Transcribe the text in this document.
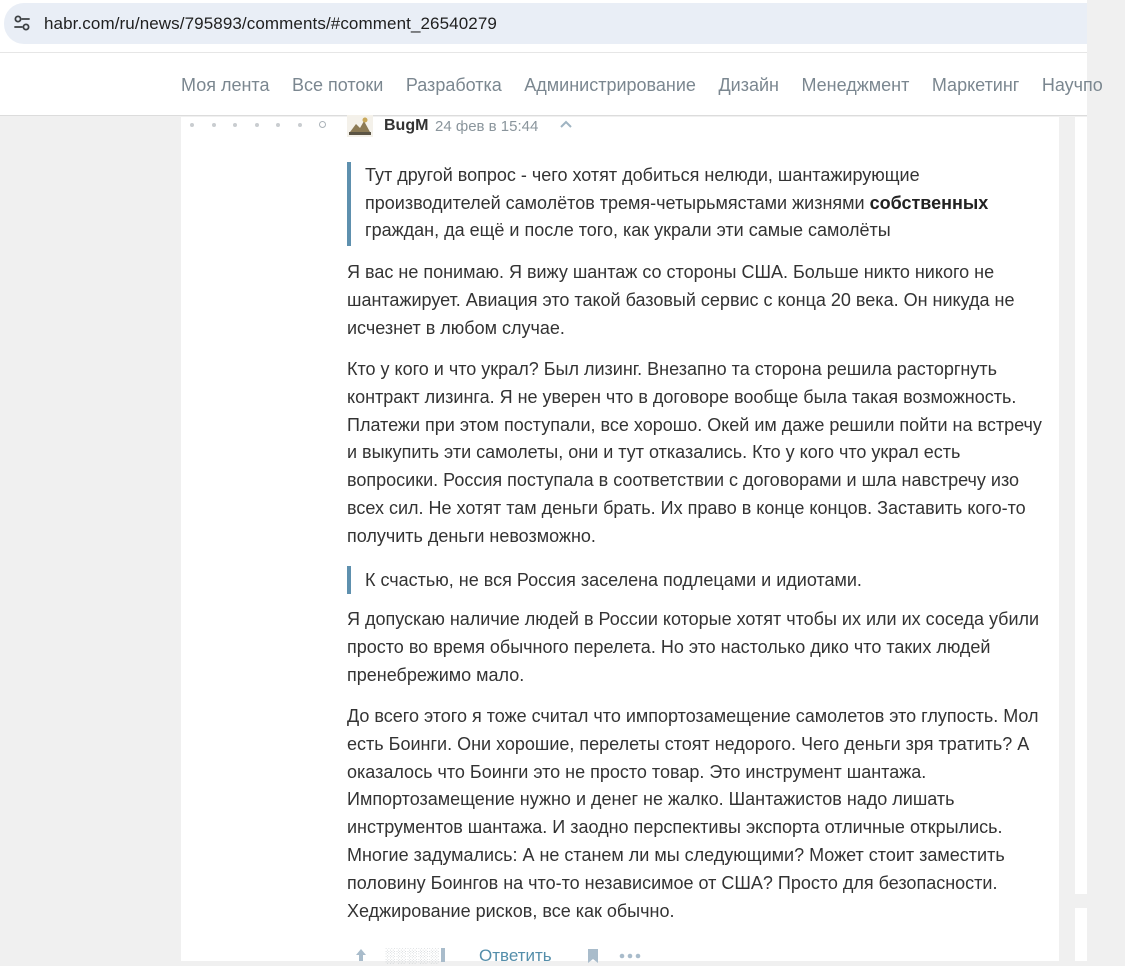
habr.com/ru/news/795893/comments/#comment_26540279
Моя лента Все потоки Разработка Администрирование Дизайн Менеджмент Маркетинг Научпо
BugM 24 фев в 15:44
Тут другой вопрос - чего хотят добиться нелюди, шантажирующие производителей самолётов тремя-четырьмястами жизнями собственных граждан, да ещё и после того, как украли эти самые самолёты

Я вас не понимаю. Я вижу шантаж со стороны США. Больше никто никого не шантажирует. Авиация это такой базовый сервис с конца 20 века. Он никуда не исчезнет в любом случае.

Кто у кого и что украл? Был лизинг. Внезапно та сторона решила расторгнуть контракт лизинга. Я не уверен что в договоре вообще была такая возможность. Платежи при этом поступали, все хорошо. Окей им даже решили пойти на встречу и выкупить эти самолеты, они и тут отказались. Кто у кого что украл есть вопросики. Россия поступала в соответствии с договорами и шла навстречу изо всех сил. Не хотят там деньги брать. Их право в конце концов. Заставить кого-то получить деньги невозможно.

К счастью, не вся Россия заселена подлецами и идиотами.

Я допускаю наличие людей в России которые хотят чтобы их или их соседа убили просто во время обычного перелета. Но это настолько дико что таких людей пренебрежимо мало.

До всего этого я тоже считал что импортозамещение самолетов это глупость. Мол есть Боинги. Они хорошие, перелеты стоят недорого. Чего деньги зря тратить? А оказалось что Боинги это не просто товар. Это инструмент шантажа. Импортозамещение нужно и денег не жалко. Шантажистов надо лишать инструментов шантажа. И заодно перспективы экспорта отличные открылись. Многие задумались: А не станем ли мы следующими? Может стоит заместить половину Боингов на что-то независимое от США? Просто для безопасности. Хеджирование рисков, все как обычно.

░░░░░ Ответить
